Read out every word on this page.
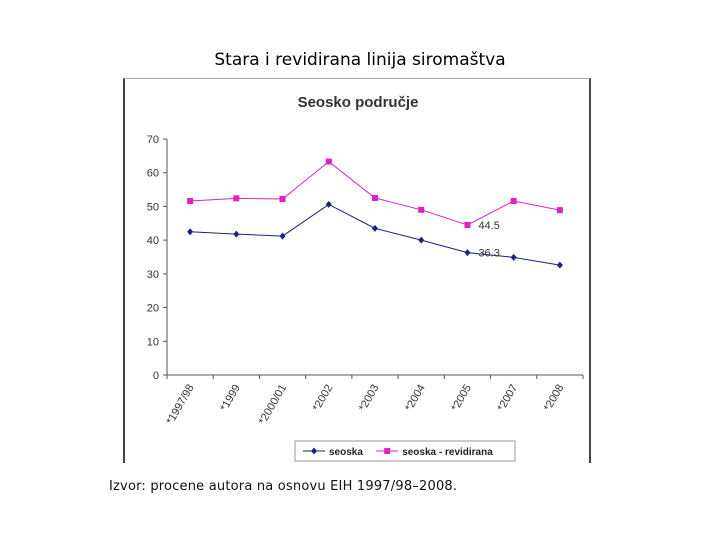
Stara i revidirana linija siromaštva
Seosko područje
0
10
20
30
40
50
60
70
*1997/98 *1999 *2000/01 *2002 *2003 *2004 *2005 *2007 *2008
44.5
36.3
seoska	seoska - revidirana
Izvor: procene autora na osnovu EIH 1997/98–2008.
